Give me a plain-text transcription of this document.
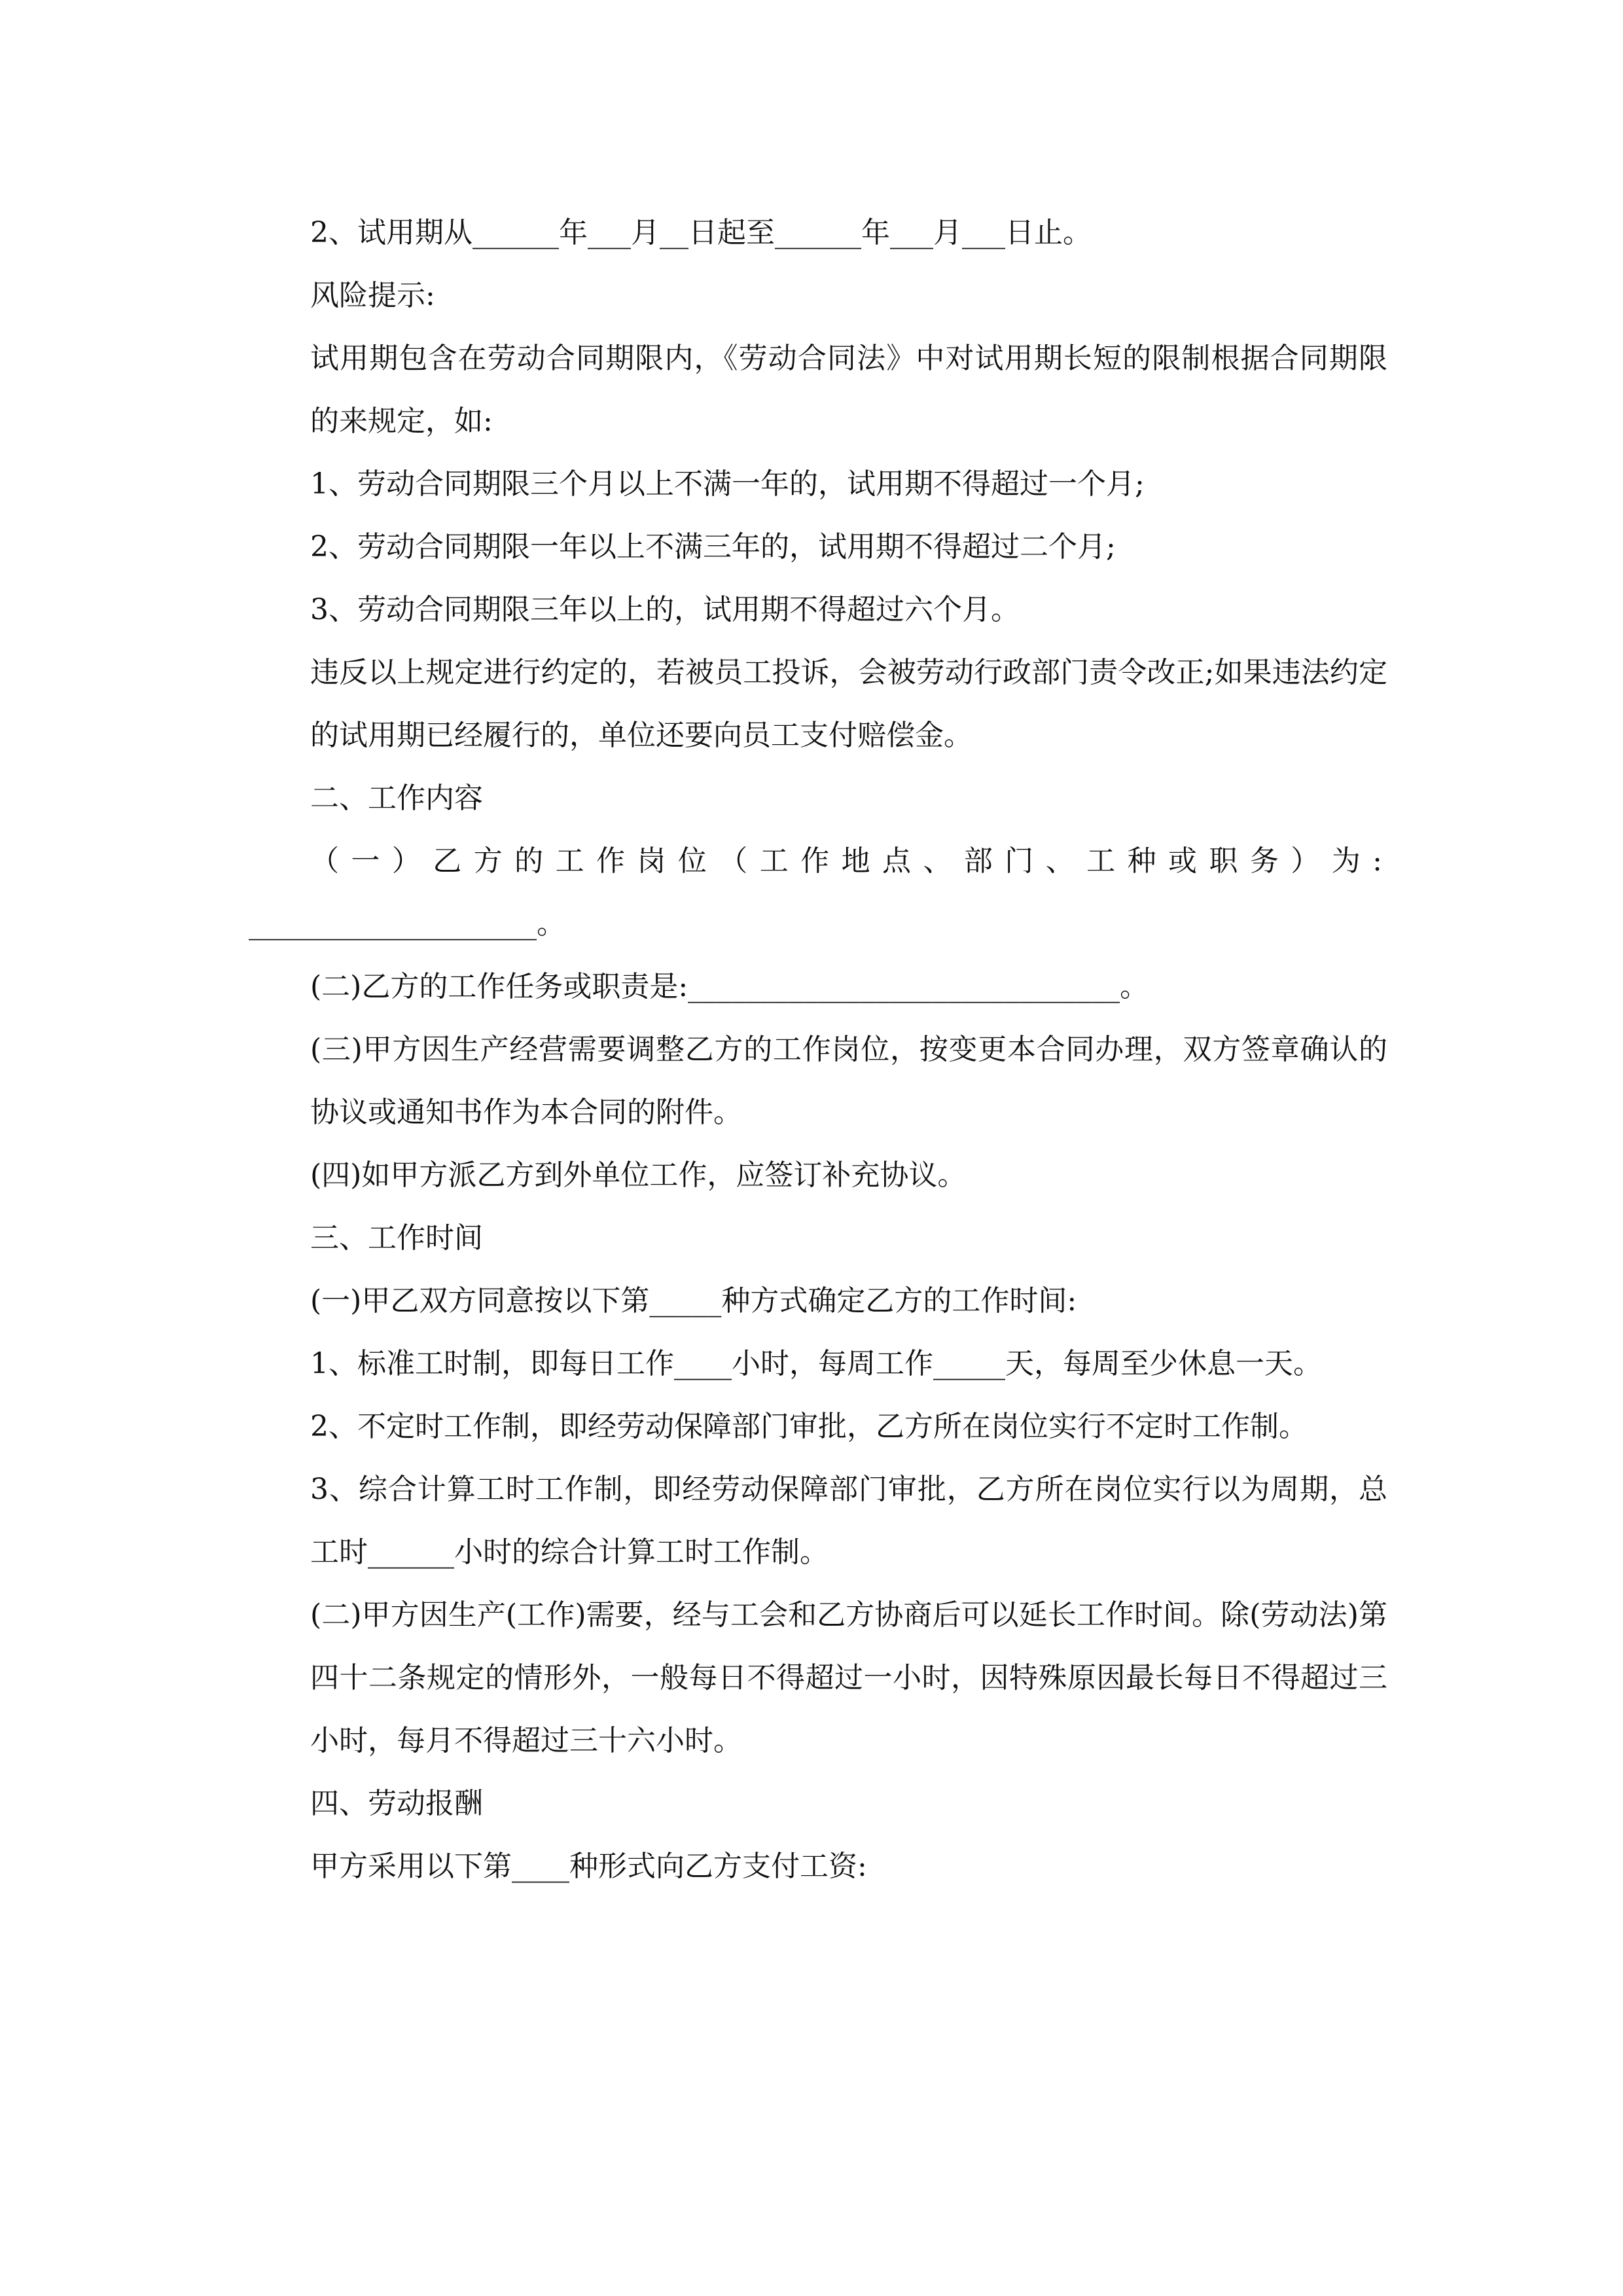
2、试用期从______年___月__日起至______年___月___日止。

风险提示:

试用期包含在劳动合同期限内，《劳动合同法》中对试用期长短的限制根据合同期限的来规定，如:

1、劳动合同期限三个月以上不满一年的，试用期不得超过一个月;

2、劳动合同期限一年以上不满三年的，试用期不得超过二个月;

3、劳动合同期限三年以上的，试用期不得超过六个月。

违反以上规定进行约定的，若被员工投诉，会被劳动行政部门责令改正;如果违法约定的试用期已经履行的，单位还要向员工支付赔偿金。

二、工作内容

（一）乙方的工作岗位（工作地点、部门、工种或职务）为:

____________________。

(二)乙方的工作任务或职责是:______________________________。

(三)甲方因生产经营需要调整乙方的工作岗位，按变更本合同办理，双方签章确认的协议或通知书作为本合同的附件。

(四)如甲方派乙方到外单位工作，应签订补充协议。

三、工作时间

(一)甲乙双方同意按以下第_____种方式确定乙方的工作时间:

1、标准工时制，即每日工作____小时，每周工作_____天，每周至少休息一天。

2、不定时工作制，即经劳动保障部门审批，乙方所在岗位实行不定时工作制。

3、综合计算工时工作制，即经劳动保障部门审批，乙方所在岗位实行以为周期，总工时______小时的综合计算工时工作制。

(二)甲方因生产(工作)需要，经与工会和乙方协商后可以延长工作时间。除(劳动法)第四十二条规定的情形外，一般每日不得超过一小时，因特殊原因最长每日不得超过三小时，每月不得超过三十六小时。

四、劳动报酬

甲方采用以下第____种形式向乙方支付工资:
